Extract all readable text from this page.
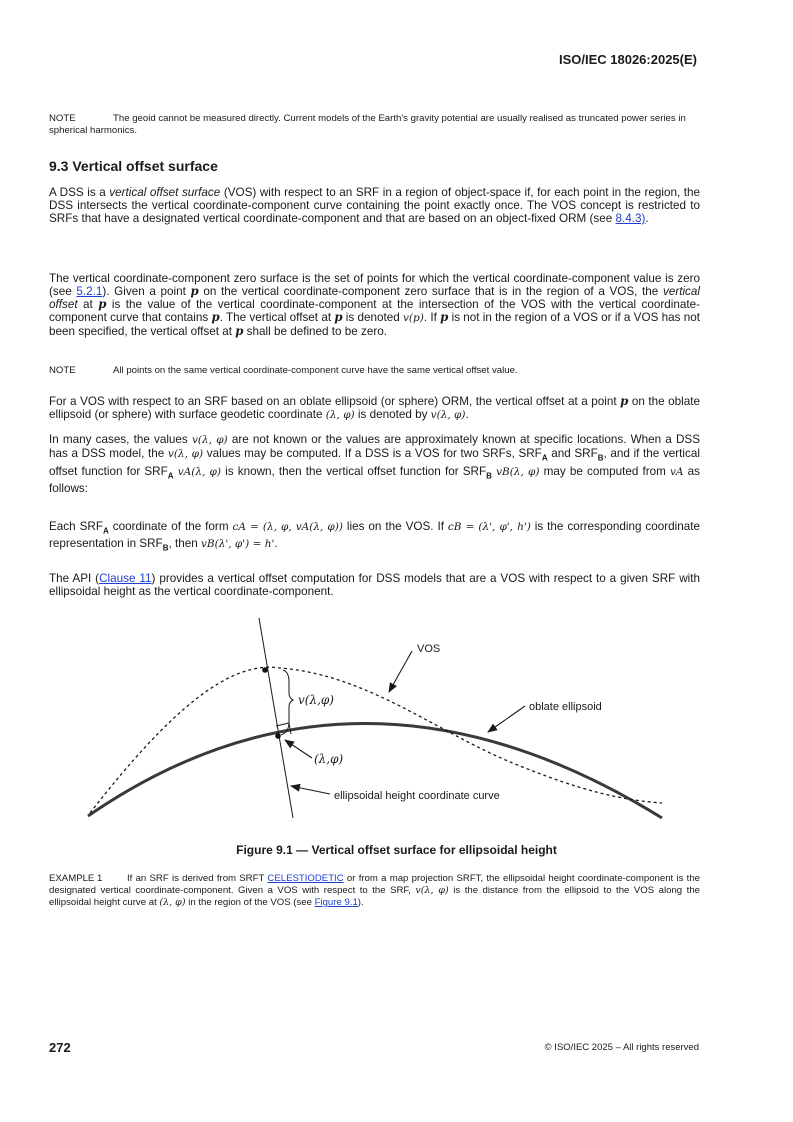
ISO/IEC 18026:2025(E)
NOTE	The geoid cannot be measured directly. Current models of the Earth's gravity potential are usually realised as truncated power series in spherical harmonics.
9.3 Vertical offset surface
A DSS is a vertical offset surface (VOS) with respect to an SRF in a region of object-space if, for each point in the region, the DSS intersects the vertical coordinate-component curve containing the point exactly once. The VOS concept is restricted to SRFs that have a designated vertical coordinate-component and that are based on an object-fixed ORM (see 8.4.3).
The vertical coordinate-component zero surface is the set of points for which the vertical coordinate-component value is zero (see 5.2.1). Given a point p on the vertical coordinate-component zero surface that is in the region of a VOS, the vertical offset at p is the value of the vertical coordinate-component at the intersection of the VOS with the vertical coordinate-component curve that contains p. The vertical offset at p is denoted v(p). If p is not in the region of a VOS or if a VOS has not been specified, the vertical offset at p shall be defined to be zero.
NOTE	All points on the same vertical coordinate-component curve have the same vertical offset value.
For a VOS with respect to an SRF based on an oblate ellipsoid (or sphere) ORM, the vertical offset at a point p on the oblate ellipsoid (or sphere) with surface geodetic coordinate (λ, φ) is denoted by v(λ, φ).
In many cases, the values v(λ, φ) are not known or the values are approximately known at specific locations. When a DSS has a DSS model, the v(λ, φ) values may be computed. If a DSS is a VOS for two SRFs, $SRF_A$ and $SRF_B$, and if the vertical offset function for $SRF_A$ vA(λ, φ) is known, then the vertical offset function for $SRF_B$ vB(λ, φ) may be computed from vA as follows:
Each $SRF_A$ coordinate of the form cA = (λ, φ, vA(λ, φ)) lies on the VOS. If cB = (λ', φ', h') is the corresponding coordinate representation in $SRF_B$, then vB(λ', φ') = h'.
The API (Clause 11) provides a vertical offset computation for DSS models that are a VOS with respect to a given SRF with ellipsoidal height as the vertical coordinate-component.
VOS
oblate ellipsoid
v(λ,φ)
(λ,φ)
ellipsoidal height coordinate curve
Figure 9.1 — Vertical offset surface for ellipsoidal height
EXAMPLE 1	If an SRF is derived from SRFT CELESTIODETIC or from a map projection SRFT, the ellipsoidal height coordinate-component is the designated vertical coordinate-component. Given a VOS with respect to the SRF, v(λ, φ) is the distance from the ellipsoid to the VOS along the ellipsoidal height curve at (λ, φ) in the region of the VOS (see Figure 9.1).
272	© ISO/IEC 2025 – All rights reserved
